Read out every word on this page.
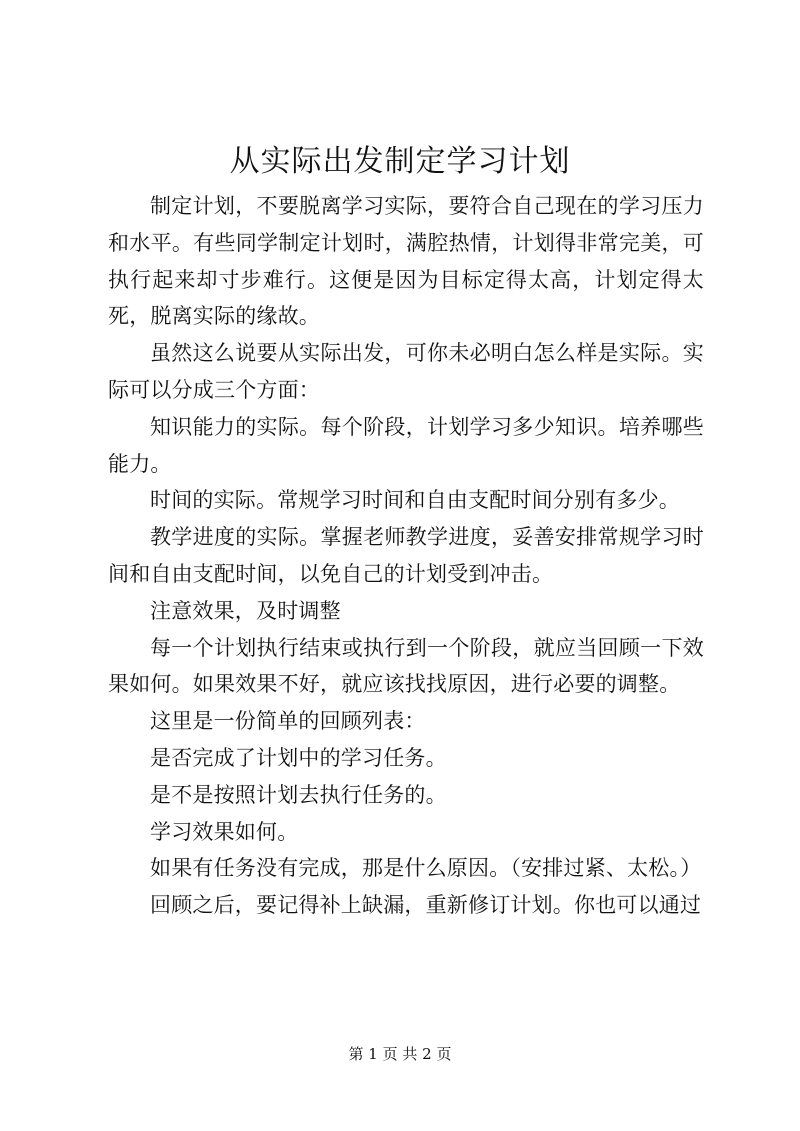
从实际出发制定学习计划

制定计划，不要脱离学习实际，要符合自己现在的学习压力和水平。有些同学制定计划时，满腔热情，计划得非常完美，可执行起来却寸步难行。这便是因为目标定得太高，计划定得太死，脱离实际的缘故。

虽然这么说要从实际出发，可你未必明白怎么样是实际。实际可以分成三个方面：

知识能力的实际。每个阶段，计划学习多少知识。培养哪些能力。

时间的实际。常规学习时间和自由支配时间分别有多少。

教学进度的实际。掌握老师教学进度，妥善安排常规学习时间和自由支配时间，以免自己的计划受到冲击。

注意效果，及时调整

每一个计划执行结束或执行到一个阶段，就应当回顾一下效果如何。如果效果不好，就应该找找原因，进行必要的调整。

这里是一份简单的回顾列表：

是否完成了计划中的学习任务。

是不是按照计划去执行任务的。

学习效果如何。

如果有任务没有完成，那是什么原因。（安排过紧、太松。）

回顾之后，要记得补上缺漏，重新修订计划。你也可以通过

第 1 页 共 2 页
